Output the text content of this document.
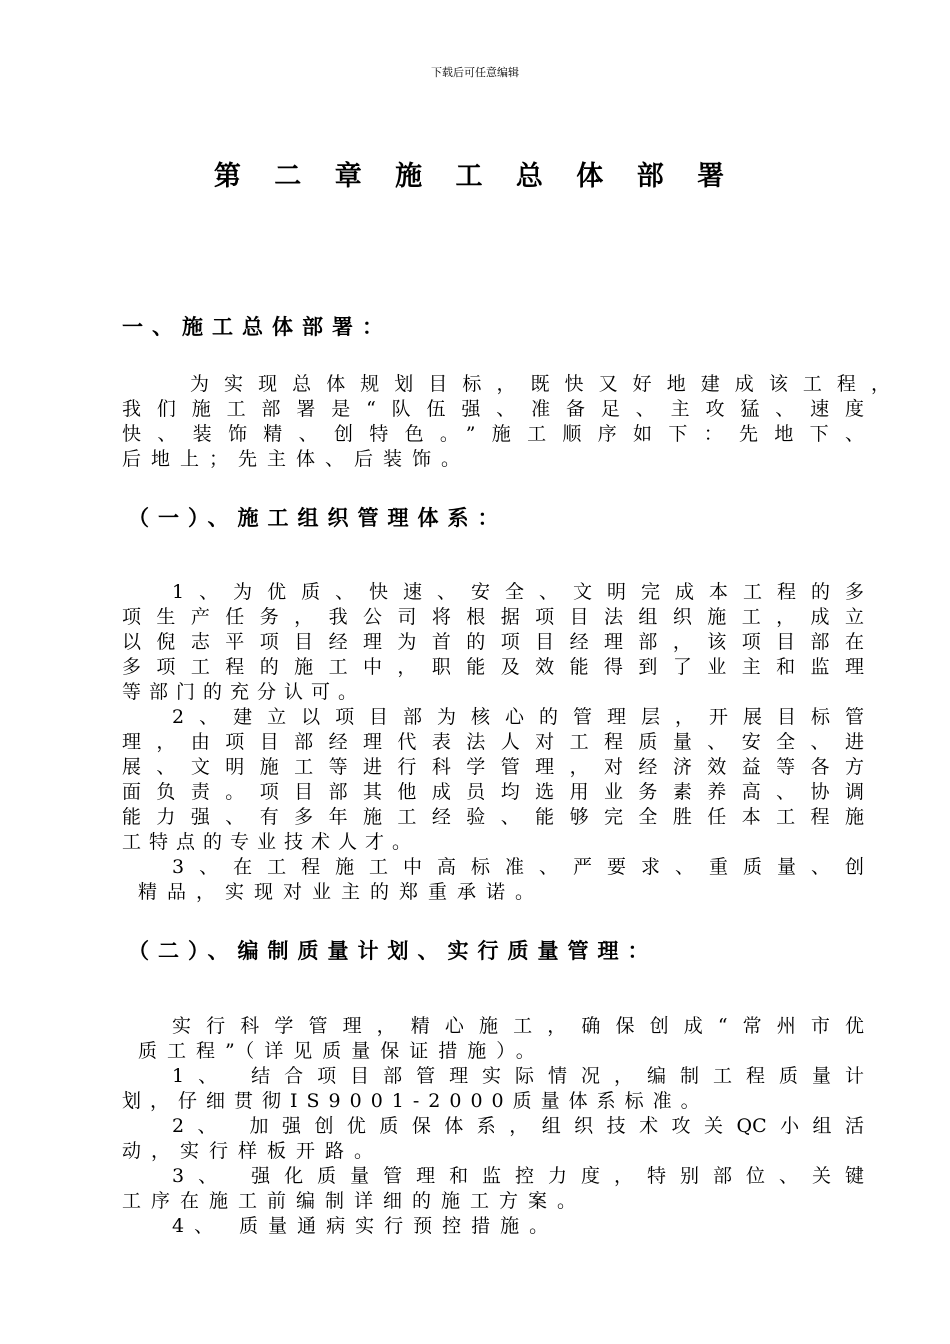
下载后可任意编辑
第 二 章 施 工 总 体 部 署
一、施工总体部署：
为实现总体规划目标，既快又好地建成该工程，
我们施工部署是“队伍强、准备足、主攻猛、速度
快、装饰精、创特色。”施工顺序如下：先地下、
后地上；先主体、后装饰。
（一）、施工组织管理体系：
1、为优质、快速、安全、文明完成本工程的多
项生产任务，我公司将根据项目法组织施工，成立
以倪志平项目经理为首的项目经理部，该项目部在
多项工程的施工中，职能及效能得到了业主和监理
等部门的充分认可。
2、建立以项目部为核心的管理层，开展目标管
理，由项目部经理代表法人对工程质量、安全、进
展、文明施工等进行科学管理，对经济效益等各方
面负责。项目部其他成员均选用业务素养高、协调
能力强、有多年施工经验、能够完全胜任本工程施
工特点的专业技术人才。
3、在工程施工中高标准、严要求、重质量、创
精品，实现对业主的郑重承诺。
（二）、编制质量计划、实行质量管理：
实行科学管理，精心施工，确保创成“常州市优
质工程”（详见质量保证措施）。
1、 结合项目部管理实际情况，编制工程质量计
划，仔细贯彻IS9001-2000质量体系标准。
2、 加强创优质保体系，组织技术攻关QC小组活
动，实行样板开路。
3、 强化质量管理和监控力度，特别部位、关键
工序在施工前编制详细的施工方案。
4、 质量通病实行预控措施。
